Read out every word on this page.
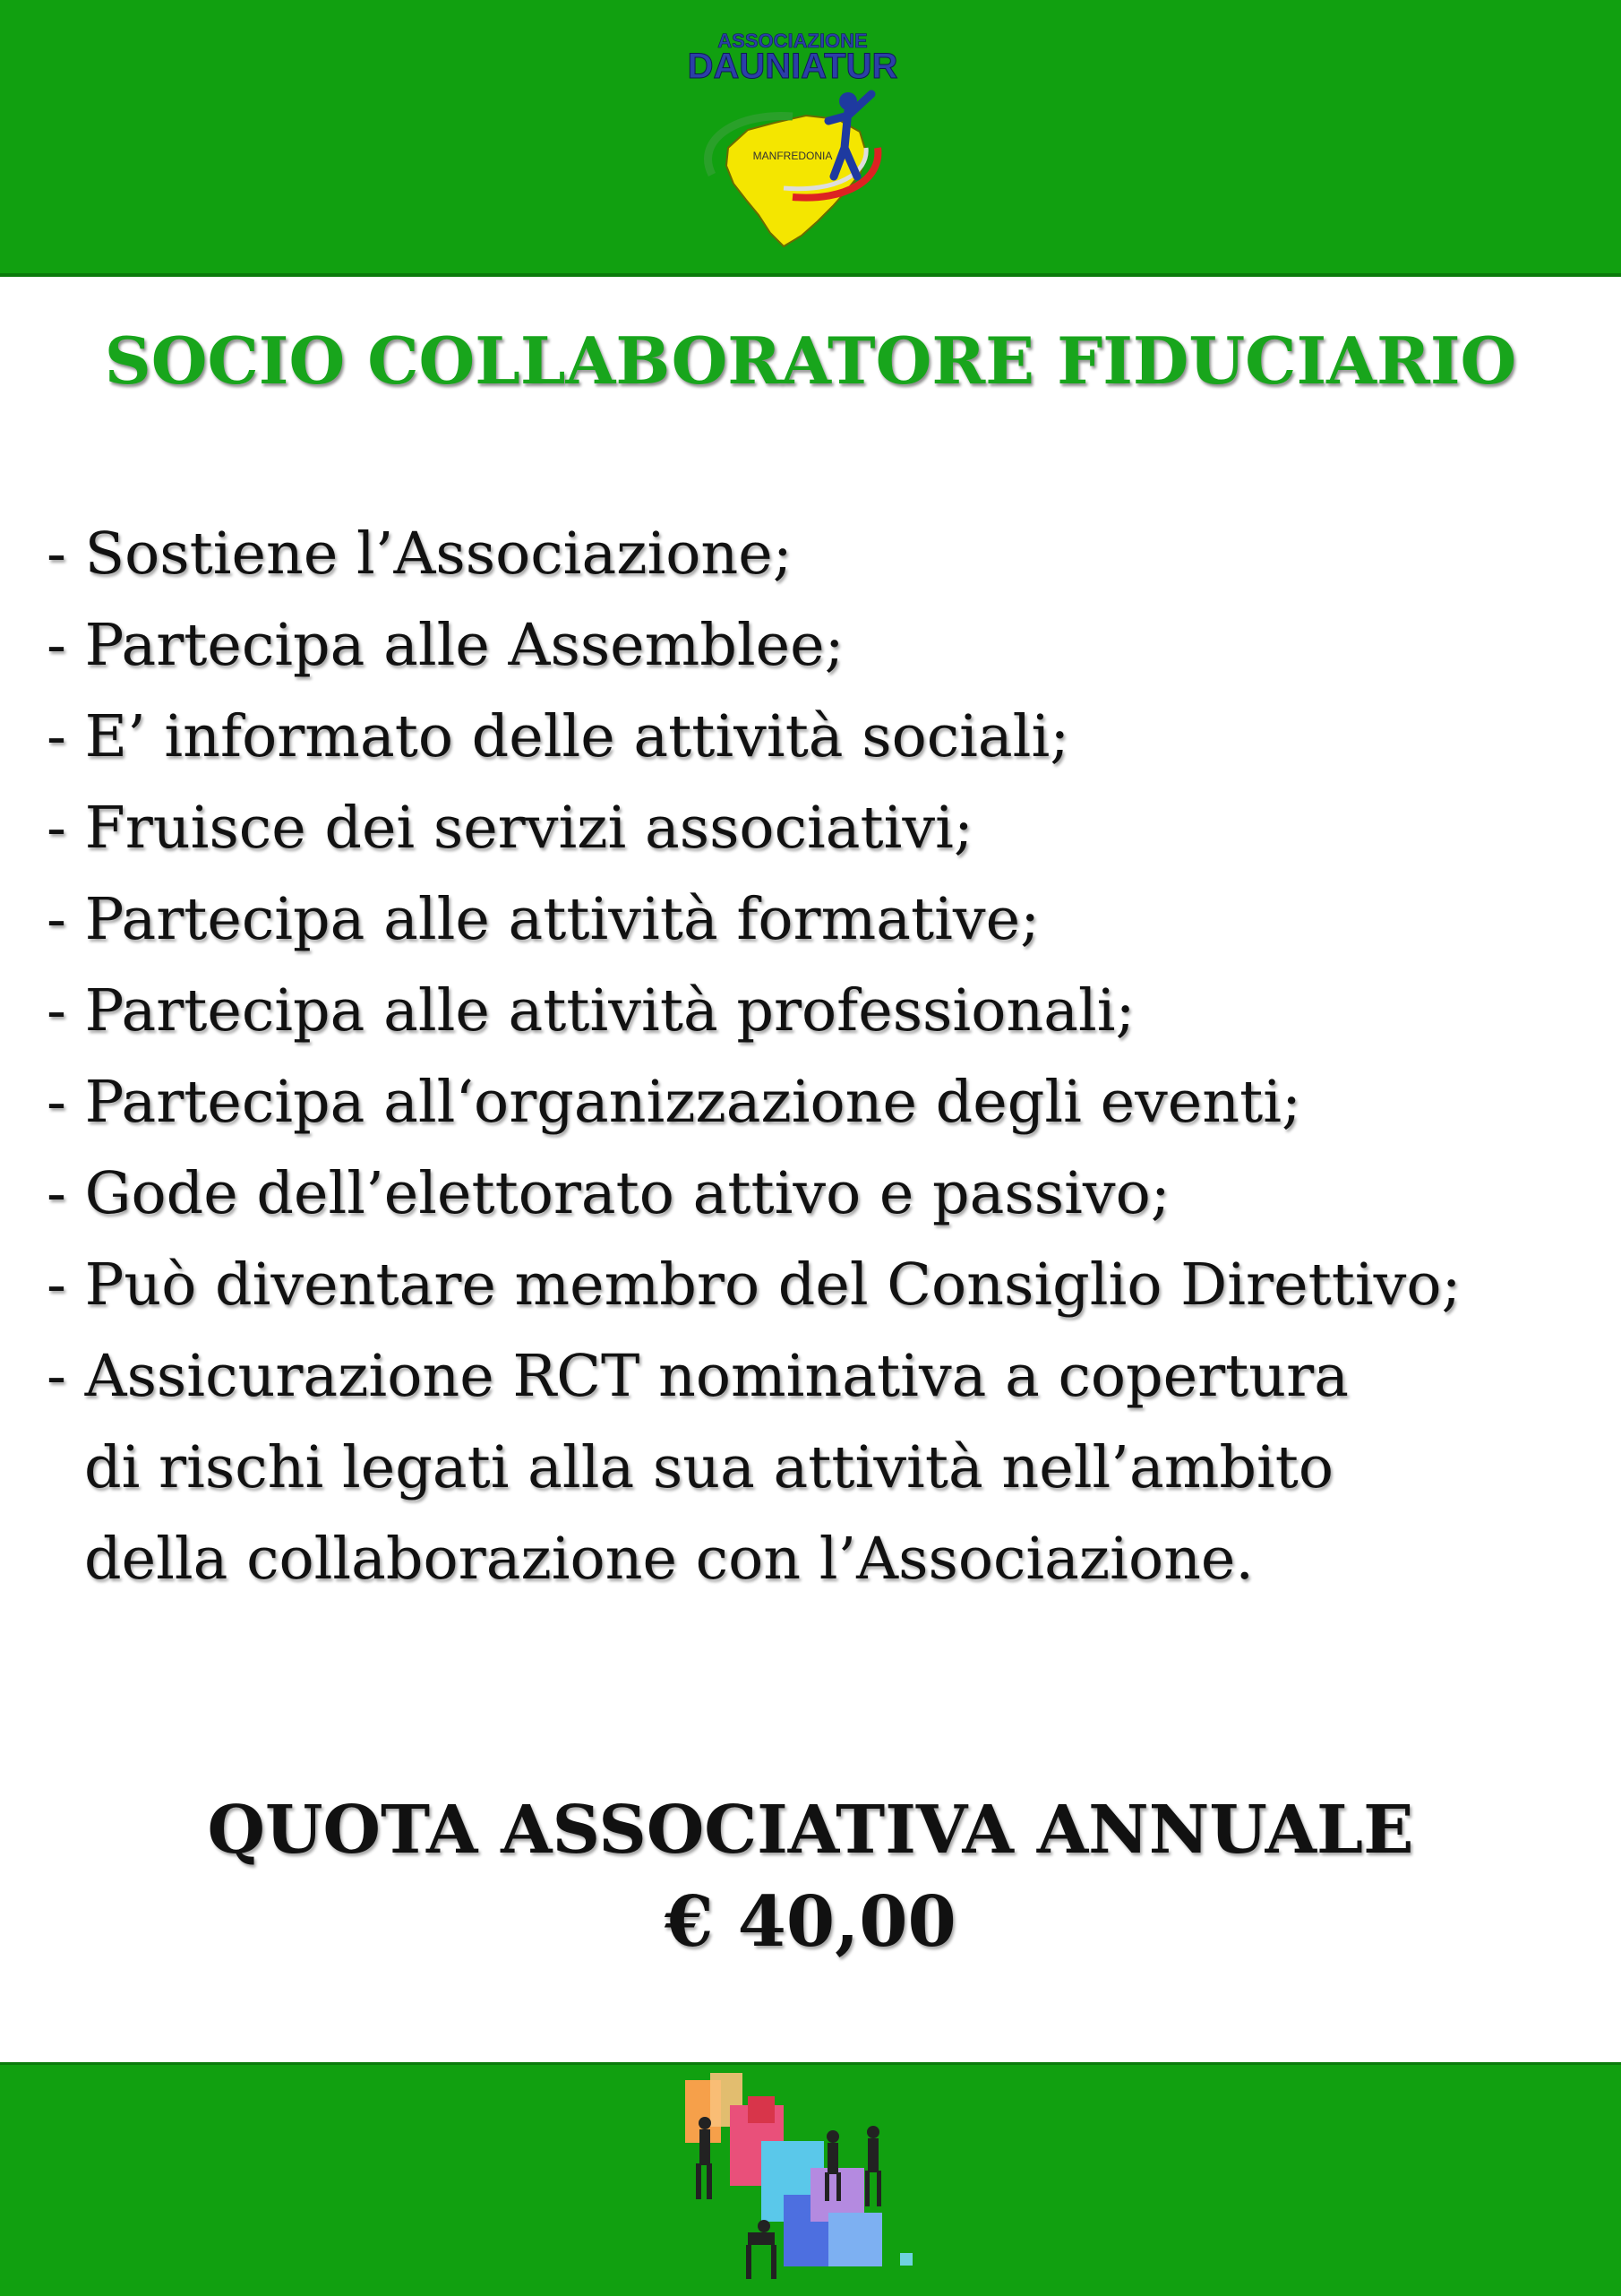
ASSOCIAZIONE
DAUNIATUR
MANFREDONIA
SOCIO COLLABORATORE FIDUCIARIO
- Sostiene l’Associazione;
- Partecipa alle Assemblee;
- E’ informato delle attività sociali;
- Fruisce dei servizi associativi;
- Partecipa alle attività formative;
- Partecipa alle attività professionali;
- Partecipa all‘organizzazione degli eventi;
- Gode dell’elettorato attivo e passivo;
- Può diventare membro del Consiglio Direttivo;
- Assicurazione RCT nominativa a copertura
di rischi legati alla sua attività nell’ambito
della collaborazione con l’Associazione.
QUOTA ASSOCIATIVA ANNUALE
€ 40,00
